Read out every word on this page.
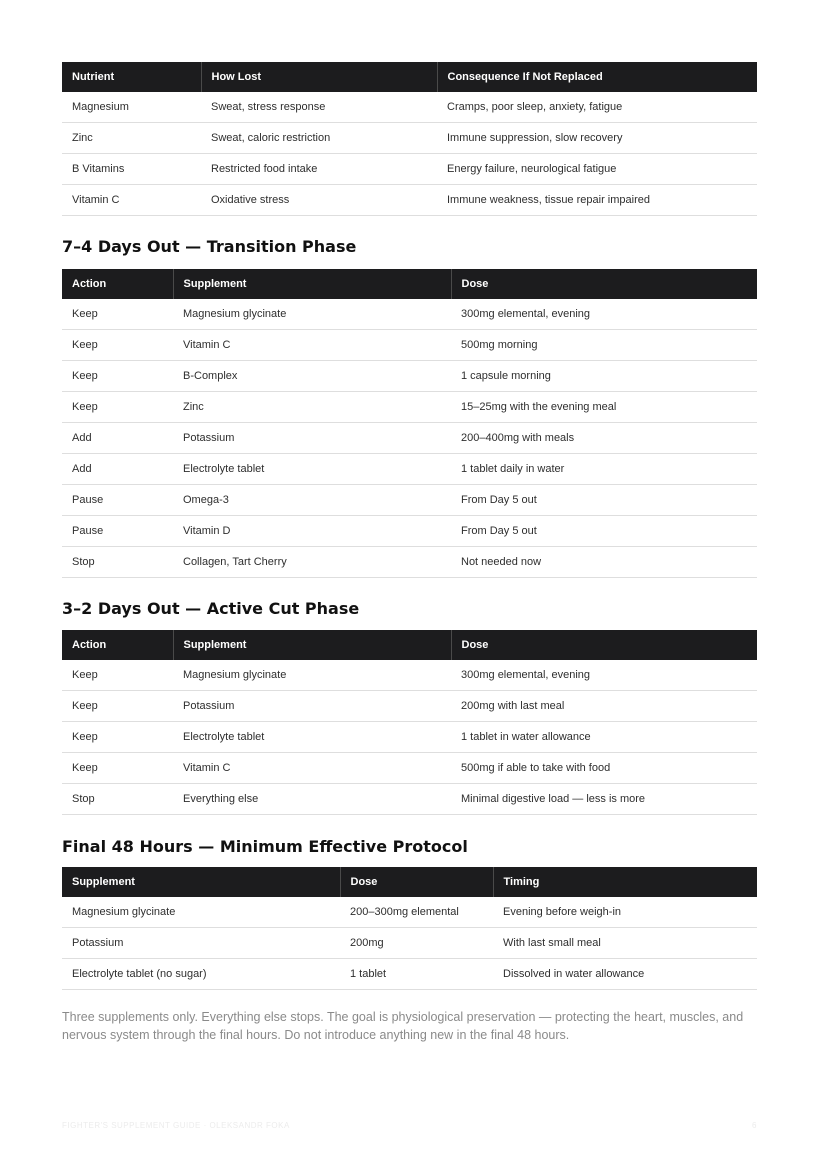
Nutrient	How Lost	Consequence If Not Replaced
Magnesium	Sweat, stress response	Cramps, poor sleep, anxiety, fatigue
Zinc	Sweat, caloric restriction	Immune suppression, slow recovery
B Vitamins	Restricted food intake	Energy failure, neurological fatigue
Vitamin C	Oxidative stress	Immune weakness, tissue repair impaired
7–4 Days Out — Transition Phase
Action	Supplement	Dose
Keep	Magnesium glycinate	300mg elemental, evening
Keep	Vitamin C	500mg morning
Keep	B-Complex	1 capsule morning
Keep	Zinc	15–25mg with the evening meal
Add	Potassium	200–400mg with meals
Add	Electrolyte tablet	1 tablet daily in water
Pause	Omega-3	From Day 5 out
Pause	Vitamin D	From Day 5 out
Stop	Collagen, Tart Cherry	Not needed now
3–2 Days Out — Active Cut Phase
Action	Supplement	Dose
Keep	Magnesium glycinate	300mg elemental, evening
Keep	Potassium	200mg with last meal
Keep	Electrolyte tablet	1 tablet in water allowance
Keep	Vitamin C	500mg if able to take with food
Stop	Everything else	Minimal digestive load — less is more
Final 48 Hours — Minimum Effective Protocol
Supplement	Dose	Timing
Magnesium glycinate	200–300mg elemental	Evening before weigh-in
Potassium	200mg	With last small meal
Electrolyte tablet (no sugar)	1 tablet	Dissolved in water allowance

Three supplements only. Everything else stops. The goal is physiological preservation — protecting the heart, muscles, and nervous system through the final hours. Do not introduce anything new in the final 48 hours.

FIGHTER'S SUPPLEMENT GUIDE · OLEKSANDR FOKA	6
